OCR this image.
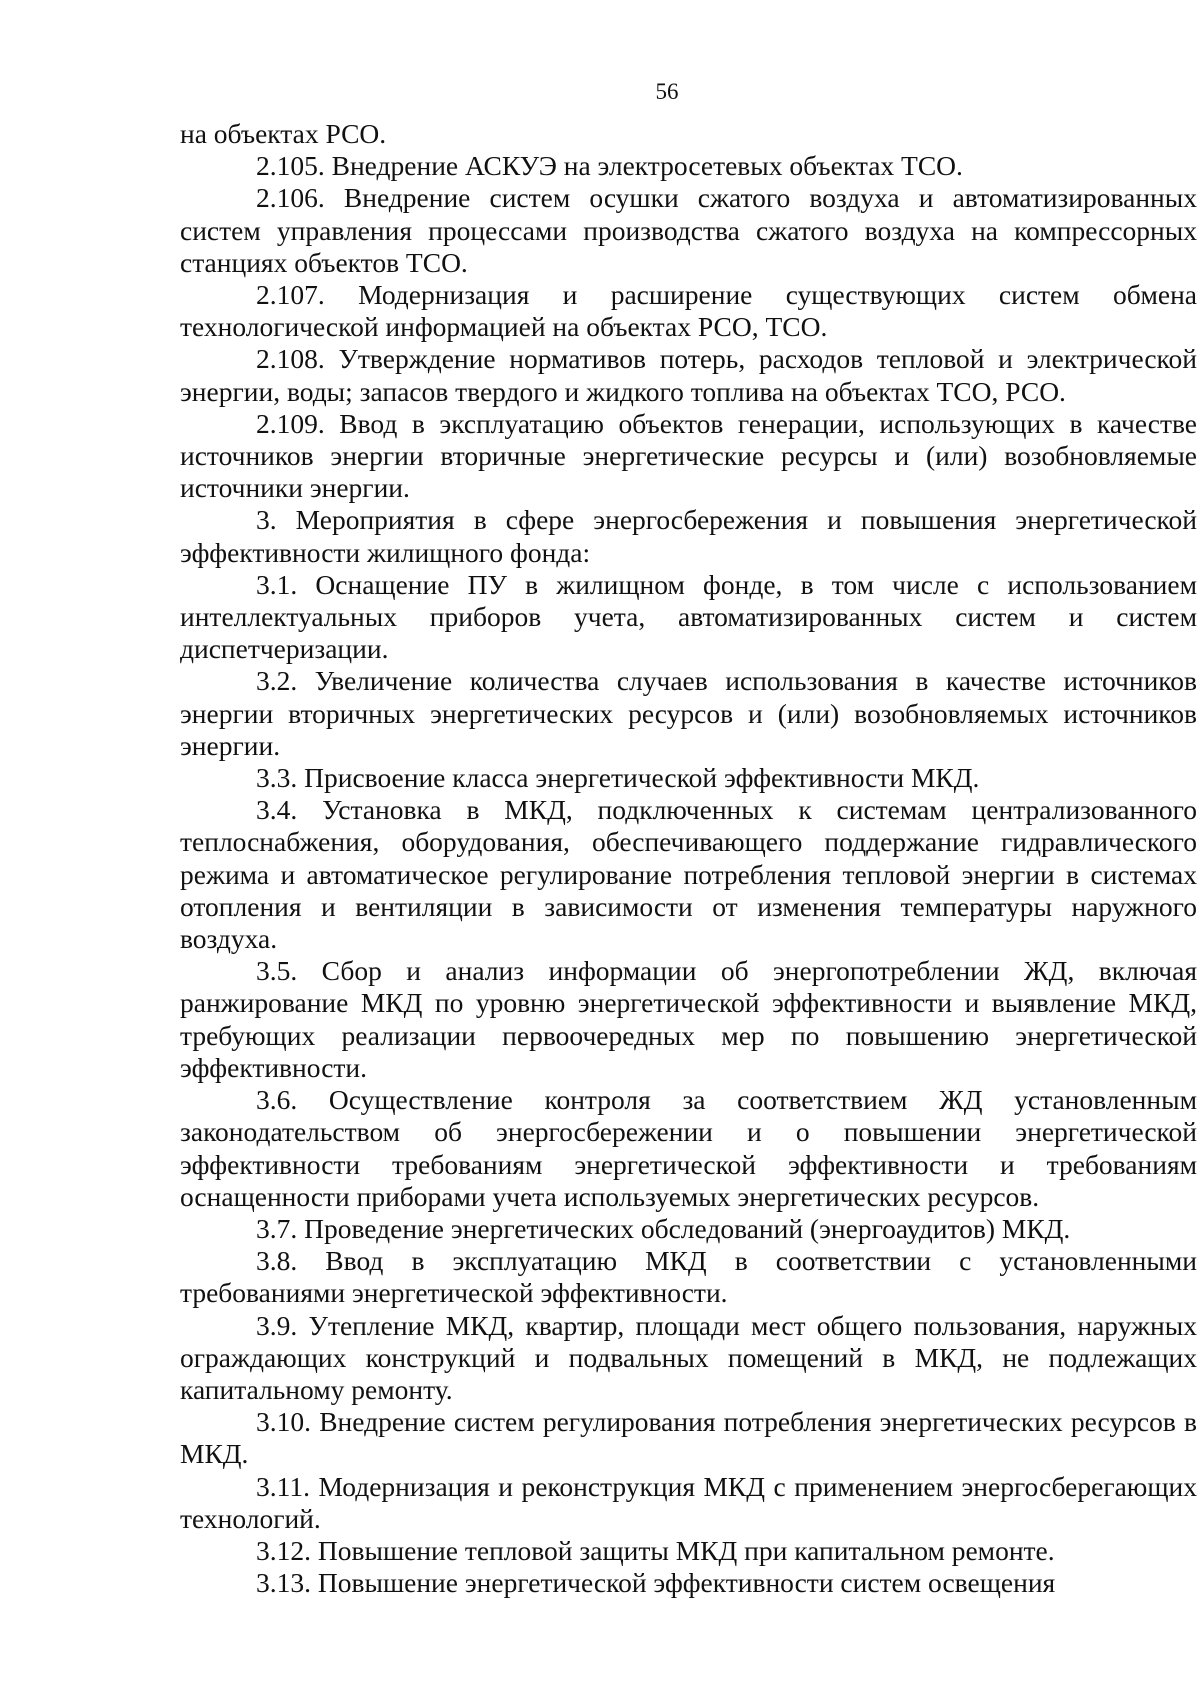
56

на объектах РСО.

2.105. Внедрение АСКУЭ на электросетевых объектах ТСО.

2.106. Внедрение систем осушки сжатого воздуха и автоматизированных систем управления процессами производства сжатого воздуха на компрессорных станциях объектов ТСО.

2.107. Модернизация и расширение существующих систем обмена технологической информацией на объектах РСО, ТСО.

2.108. Утверждение нормативов потерь, расходов тепловой и электрической энергии, воды; запасов твердого и жидкого топлива на объектах ТСО, РСО.

2.109. Ввод в эксплуатацию объектов генерации, использующих в качестве источников энергии вторичные энергетические ресурсы и (или) возобновляемые источники энергии.

3. Мероприятия в сфере энергосбережения и повышения энергетической эффективности жилищного фонда:

3.1. Оснащение ПУ в жилищном фонде, в том числе с использованием интеллектуальных приборов учета, автоматизированных систем и систем диспетчеризации.

3.2. Увеличение количества случаев использования в качестве источников энергии вторичных энергетических ресурсов и (или) возобновляемых источников энергии.

3.3. Присвоение класса энергетической эффективности МКД.

3.4. Установка в МКД, подключенных к системам централизованного теплоснабжения, оборудования, обеспечивающего поддержание гидравлического режима и автоматическое регулирование потребления тепловой энергии в системах отопления и вентиляции в зависимости от изменения температуры наружного воздуха.

3.5. Сбор и анализ информации об энергопотреблении ЖД, включая ранжирование МКД по уровню энергетической эффективности и выявление МКД, требующих реализации первоочередных мер по повышению энергетической эффективности.

3.6. Осуществление контроля за соответствием ЖД установленным законодательством об энергосбережении и о повышении энергетической эффективности требованиям энергетической эффективности и требованиям оснащенности приборами учета используемых энергетических ресурсов.

3.7. Проведение энергетических обследований (энергоаудитов) МКД.

3.8. Ввод в эксплуатацию МКД в соответствии с установленными требованиями энергетической эффективности.

3.9. Утепление МКД, квартир, площади мест общего пользования, наружных ограждающих конструкций и подвальных помещений в МКД, не подлежащих капитальному ремонту.

3.10. Внедрение систем регулирования потребления энергетических ресурсов в МКД.

3.11. Модернизация и реконструкция МКД с применением энергосберегающих технологий.

3.12. Повышение тепловой защиты МКД при капитальном ремонте.

3.13. Повышение энергетической эффективности систем освещения
